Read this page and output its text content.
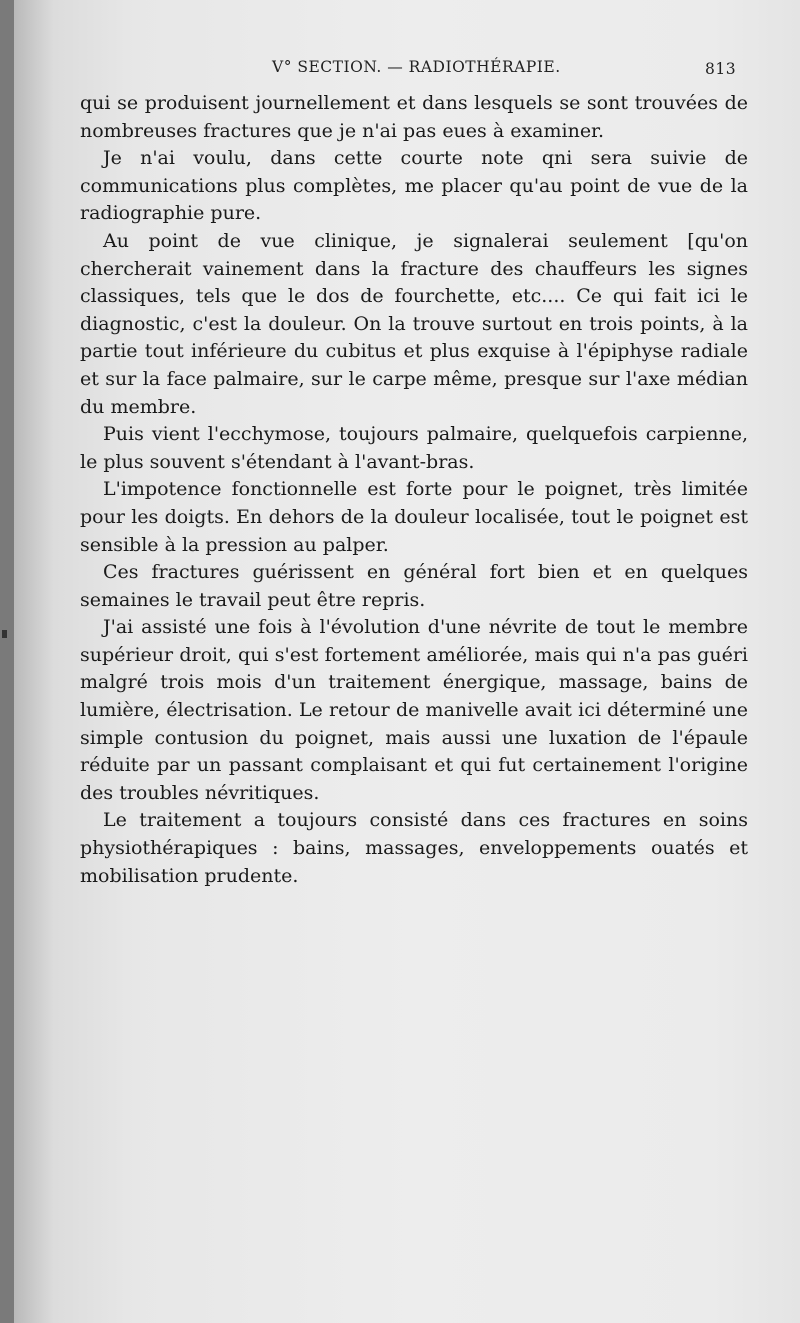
V° SECTION. — RADIOTHÉRAPIE.	813

qui se produisent journellement et dans lesquels se sont trouvées de nombreuses fractures que je n'ai pas eues à examiner.

Je n'ai voulu, dans cette courte note qni sera suivie de communications plus complètes, me placer qu'au point de vue de la radiographie pure.

Au point de vue clinique, je signalerai seulement [qu'on chercherait vainement dans la fracture des chauffeurs les signes classiques, tels que le dos de fourchette, etc.... Ce qui fait ici le diagnostic, c'est la douleur. On la trouve surtout en trois points, à la partie tout inférieure du cubitus et plus exquise à l'épiphyse radiale et sur la face palmaire, sur le carpe même, presque sur l'axe médian du membre.

Puis vient l'ecchymose, toujours palmaire, quelquefois carpienne, le plus souvent s'étendant à l'avant-bras.

L'impotence fonctionnelle est forte pour le poignet, très limitée pour les doigts. En dehors de la douleur localisée, tout le poignet est sensible à la pression au palper.

Ces fractures guérissent en général fort bien et en quelques semaines le travail peut être repris.

J'ai assisté une fois à l'évolution d'une névrite de tout le membre supérieur droit, qui s'est fortement améliorée, mais qui n'a pas guéri malgré trois mois d'un traitement énergique, massage, bains de lumière, électrisation. Le retour de manivelle avait ici déterminé une simple contusion du poignet, mais aussi une luxation de l'épaule réduite par un passant complaisant et qui fut certainement l'origine des troubles névritiques.

Le traitement a toujours consisté dans ces fractures en soins physiothérapiques : bains, massages, enveloppements ouatés et mobilisation prudente.
